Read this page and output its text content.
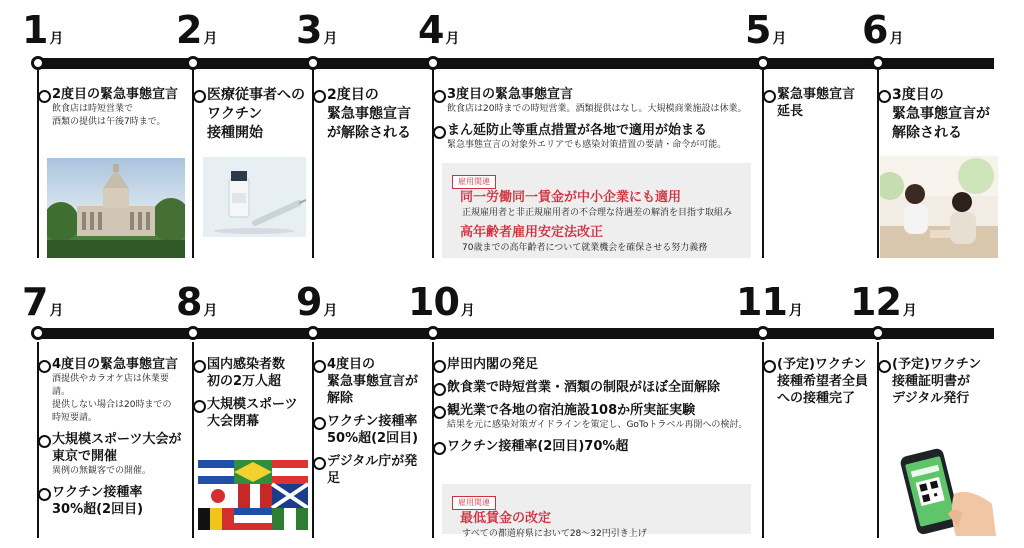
1 月	2 月 3 月 4 月	5 月 6 月
2度目の緊急事態宣言
飲食店は時短営業で
酒類の提供は午後7時まで。
医療従事者への
ワクチン
接種開始
2度目の
緊急事態宣言
が解除される
3度目の緊急事態宣言
飲食店は20時までの時短営業。酒類提供はなし。大規模商業施設は休業。
まん延防止等重点措置が各地で適用が始まる
緊急事態宣言の対象外エリアでも感染対策措置の要請・命令が可能。
雇用関連
同一労働同一賃金が中小企業にも適用
正規雇用者と非正規雇用者の不合理な待遇差の解消を目指す取組み
高年齢者雇用安定法改正
70歳までの高年齢者について就業機会を確保させる努力義務
緊急事態宣言
延長
3度目の
緊急事態宣言が
解除される
7 月	8 月 9 月 10 月	11 月 12 月
4度目の緊急事態宣言
酒提供やカラオケ店は休業要請。
提供しない場合は20時までの
時短要請。
大規模スポーツ大会が
東京で開催
異例の無観客での開催。
ワクチン接種率
30%超(2回目)
国内感染者数
初の2万人超
大規模スポーツ
大会閉幕
4度目の
緊急事態宣言が
解除
ワクチン接種率
50%超(2回目)
デジタル庁が発足
岸田内閣の発足
飲食業で時短営業・酒類の制限がほぼ全面解除
観光業で各地の宿泊施設108か所実証実験
結果を元に感染対策ガイドラインを策定し、GoToトラベル再開への検討。
ワクチン接種率(2回目)70%超
雇用関連
最低賃金の改定
すべての都道府県において28～32円引き上げ
(予定)ワクチン
接種希望者全員
への接種完了
(予定)ワクチン
接種証明書が
デジタル発行
